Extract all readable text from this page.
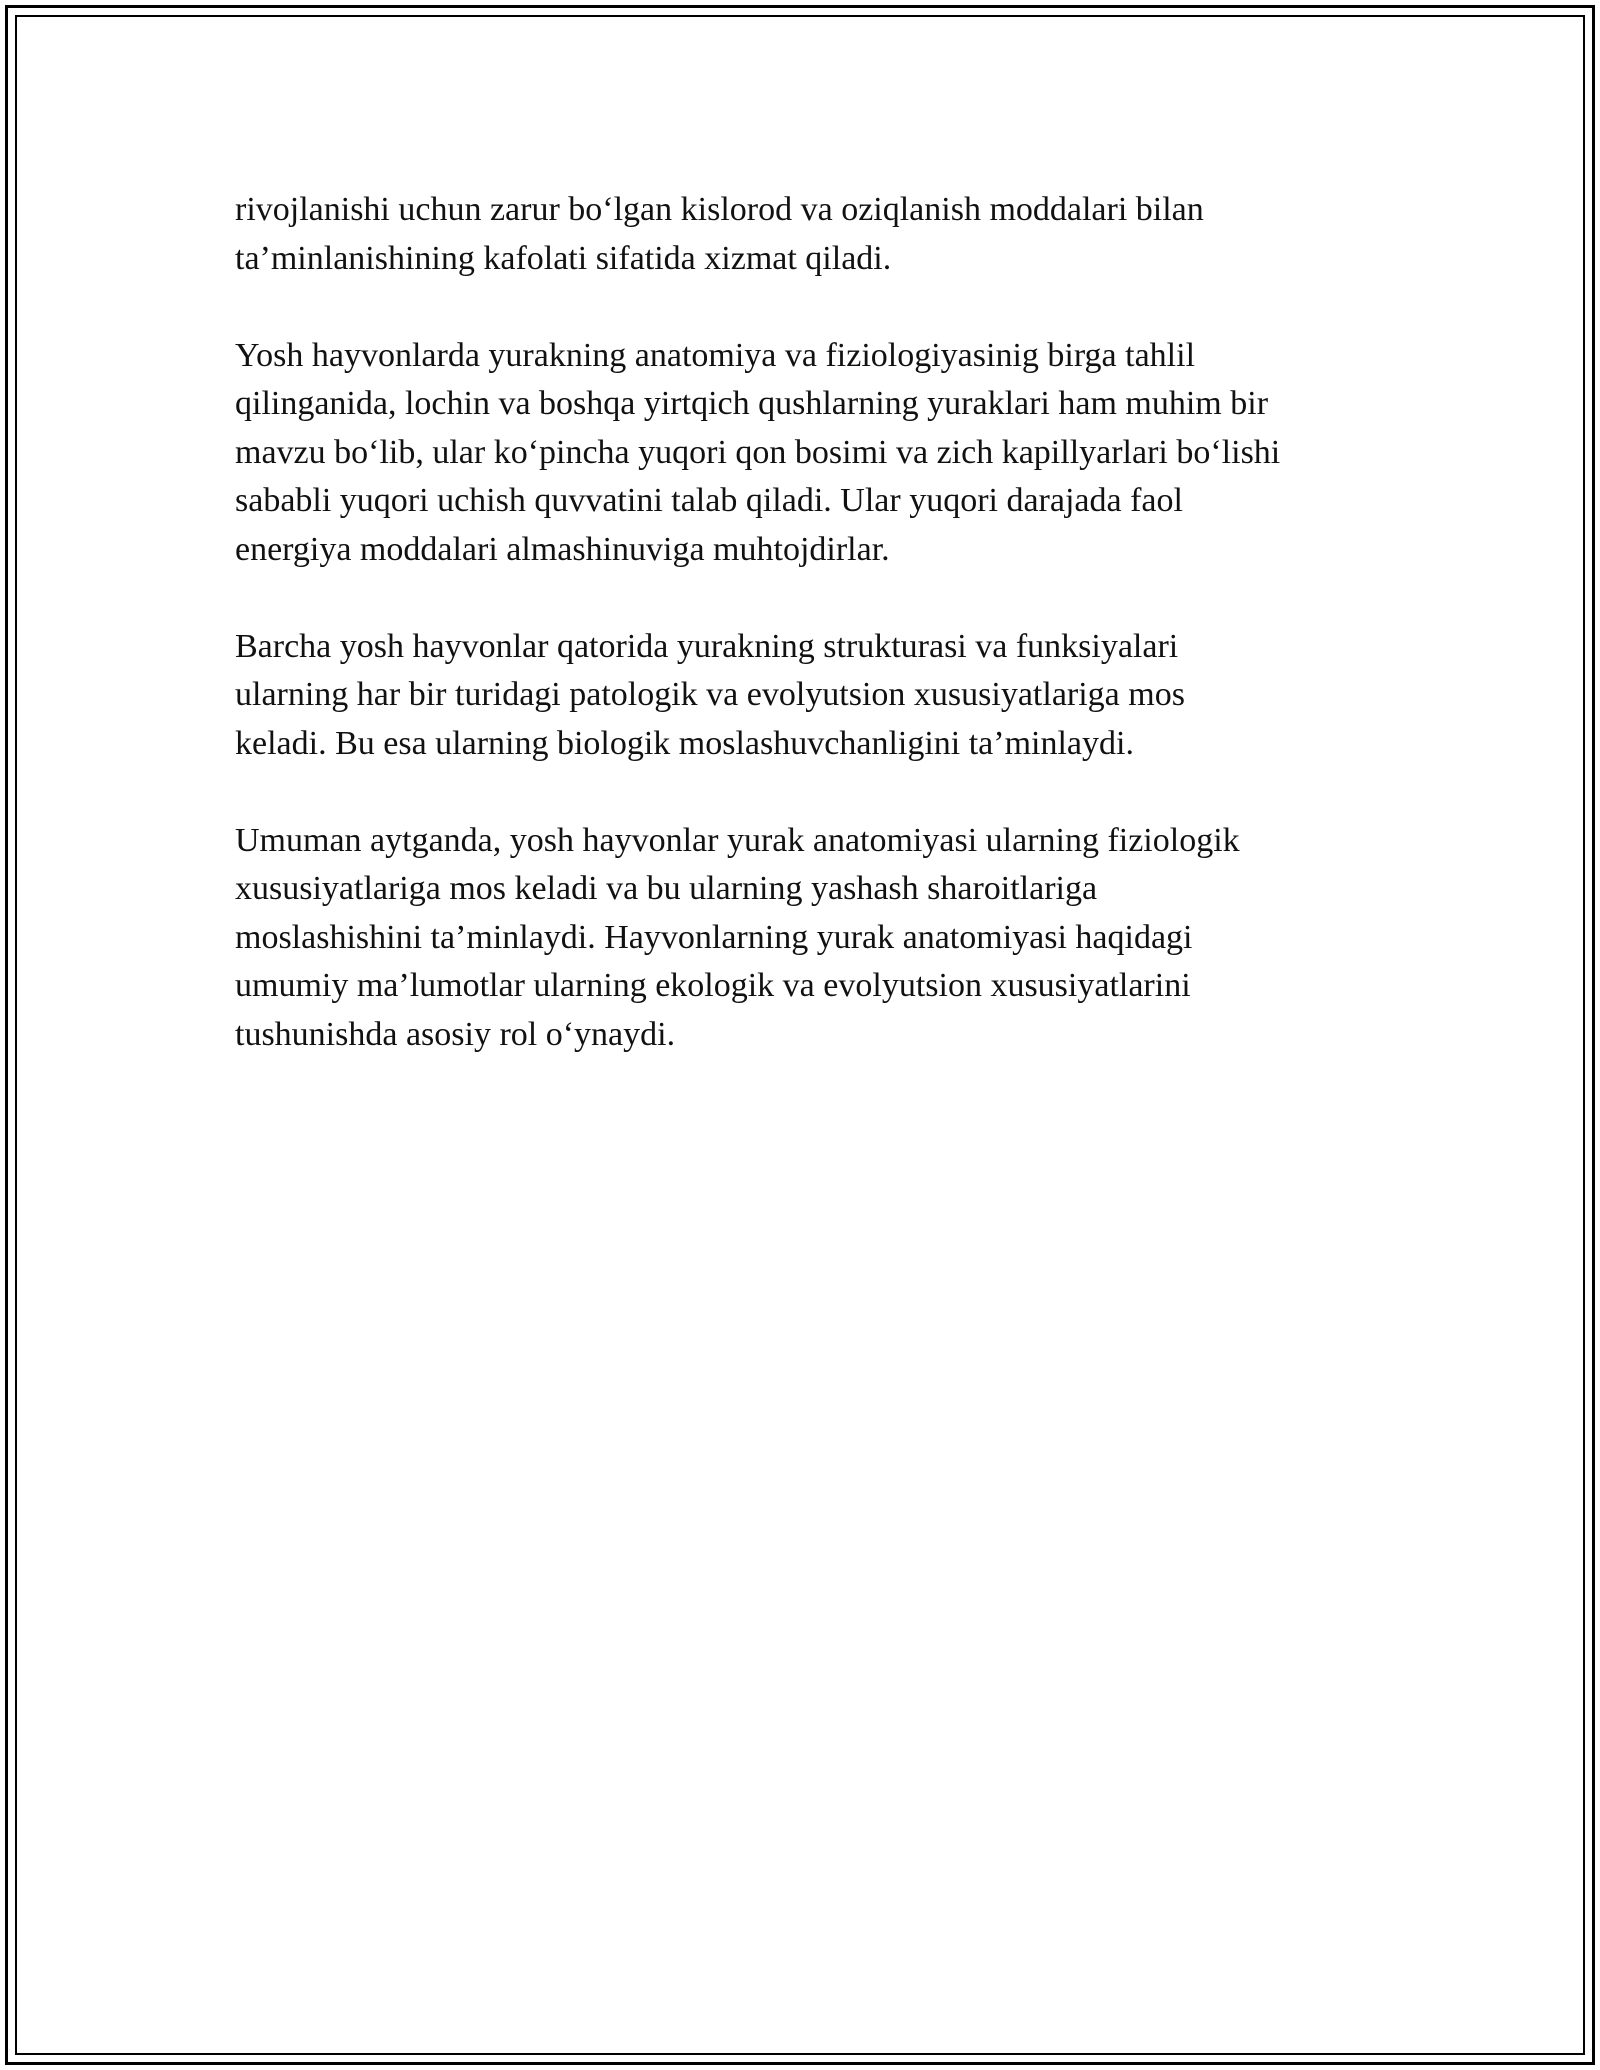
rivojlanishi uchun zarur bo‘lgan kislorod va oziqlanish moddalari bilan
ta’minlanishining kafolati sifatida xizmat qiladi.

Yosh hayvonlarda yurakning anatomiya va fiziologiyasinig birga tahlil
qilinganida, lochin va boshqa yirtqich qushlarning yuraklari ham muhim bir
mavzu bo‘lib, ular ko‘pincha yuqori qon bosimi va zich kapillyarlari bo‘lishi
sababli yuqori uchish quvvatini talab qiladi. Ular yuqori darajada faol
energiya moddalari almashinuviga muhtojdirlar.

Barcha yosh hayvonlar qatorida yurakning strukturasi va funksiyalari
ularning har bir turidagi patologik va evolyutsion xususiyatlariga mos
keladi. Bu esa ularning biologik moslashuvchanligini ta’minlaydi.

Umuman aytganda, yosh hayvonlar yurak anatomiyasi ularning fiziologik
xususiyatlariga mos keladi va bu ularning yashash sharoitlariga
moslashishini ta’minlaydi. Hayvonlarning yurak anatomiyasi haqidagi
umumiy ma’lumotlar ularning ekologik va evolyutsion xususiyatlarini
tushunishda asosiy rol o‘ynaydi.
